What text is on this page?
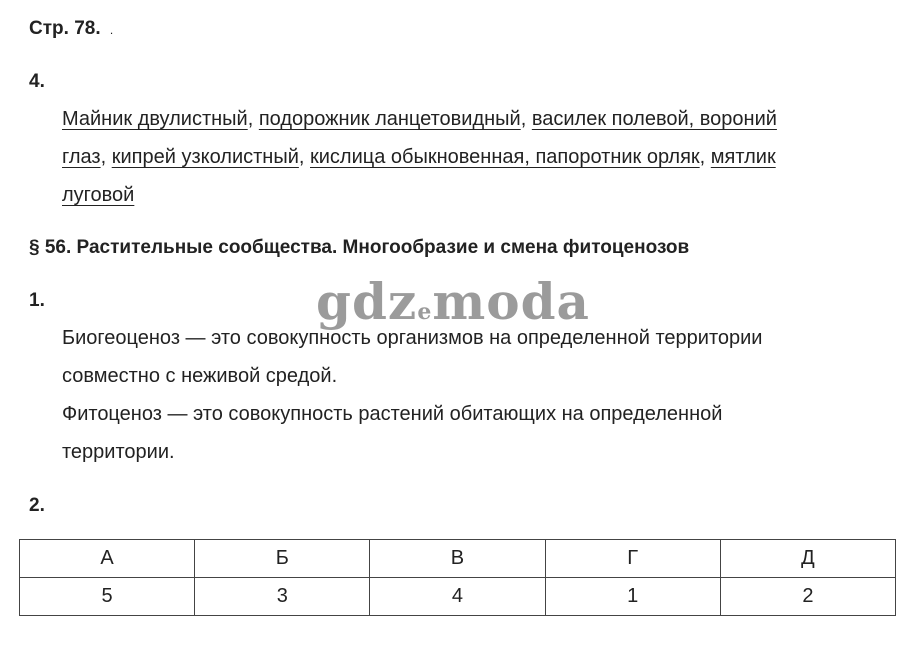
Стр. 78. .
4.
Майник двулистный, подорожник ланцетовидный, василек полевой, вороний
глаз, кипрей узколистный, кислица обыкновенная, папоротник орляк, мятлик
луговой
§ 56. Растительные сообщества. Многообразие и смена фитоценозов
1.	gdzemoda
Биогеоценоз — это совокупность организмов на определенной территории
совместно с неживой средой.
Фитоценоз — это совокупность растений обитающих на определенной
территории.
2.
А	Б	В	Г	Д
5	3	4	1	2
